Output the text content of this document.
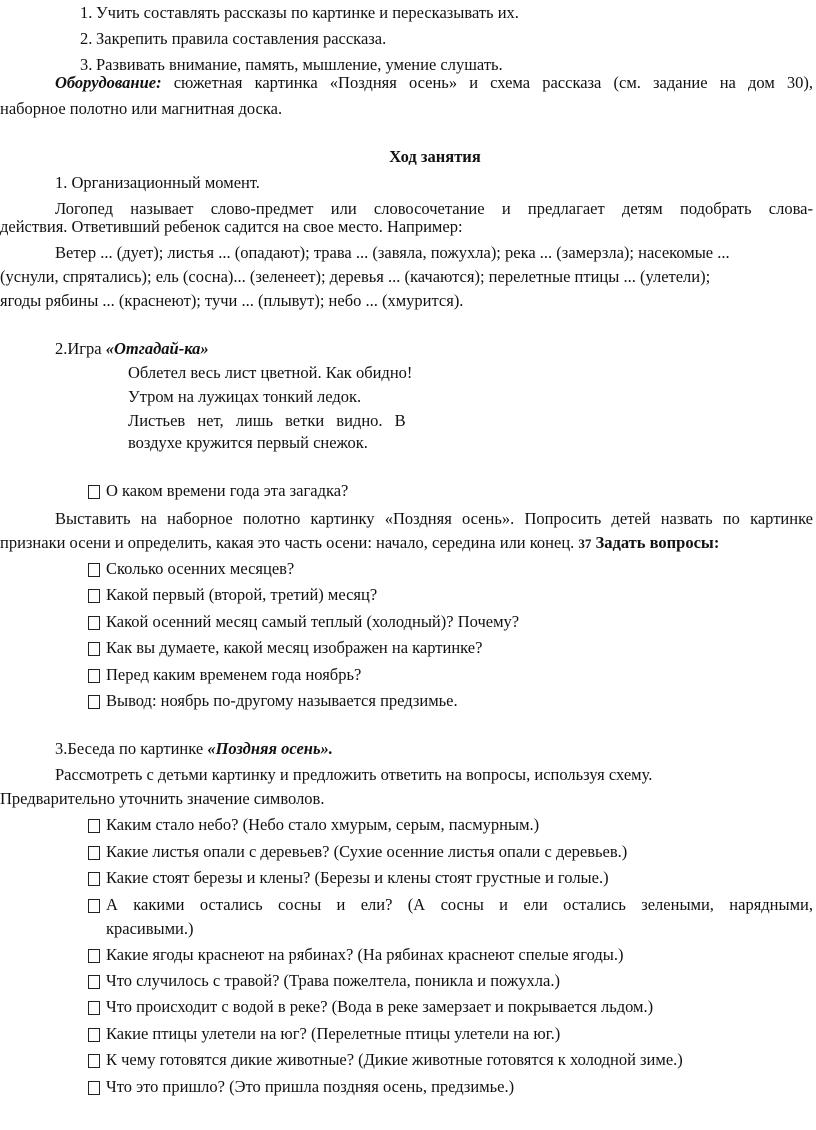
1. Учить составлять рассказы по картинке и пересказывать их.
2. Закрепить правила составления рассказа.
3. Развивать внимание, память, мышление, умение слушать.
Оборудование: сюжетная картинка «Поздняя осень» и схема рассказа (см. задание на дом 30),
наборное полотно или магнитная доска.
Ход занятия
1. Организационный момент.
Логопед называет слово-предмет или словосочетание и предлагает детям подобрать слова-
действия. Ответивший ребенок садится на свое место. Например:
Ветер ... (дует); листья ... (опадают); трава ... (завяла, пожухла); река ... (замерзла); насекомые ...
(уснули, спрятались); ель (сосна)... (зеленеет); деревья ... (качаются); перелетные птицы ... (улетели);
ягоды рябины ... (краснеют); тучи ... (плывут); небо ... (хмурится).
2.Игра «Отгадай-ка»
Облетел весь лист цветной. Как обидно!
Утром на лужицах тонкий ледок.
Листьев нет, лишь ветки видно. В
воздухе кружится первый снежок.
О каком времени года эта загадка?
Выставить на наборное полотно картинку «Поздняя осень». Попросить детей назвать по картинке
признаки осени и определить, какая это часть осени: начало, середина или конец. 37 Задать вопросы:
Сколько осенних месяцев?
Какой первый (второй, третий) месяц?
Какой осенний месяц самый теплый (холодный)? Почему?
Как вы думаете, какой месяц изображен на картинке?
Перед каким временем года ноябрь?
Вывод: ноябрь по-другому называется предзимье.
3.Беседа по картинке «Поздняя осень».
Рассмотреть с детьми картинку и предложить ответить на вопросы, используя схему.
Предварительно уточнить значение символов.
Каким стало небо? (Небо стало хмурым, серым, пасмурным.)
Какие листья опали с деревьев? (Сухие осенние листья опали с деревьев.)
Какие стоят березы и клены? (Березы и клены стоят грустные и голые.)
А какими остались сосны и ели? (А сосны и ели остались зелеными, нарядными,
красивыми.)
Какие ягоды краснеют на рябинах? (На рябинах краснеют спелые ягоды.)
Что случилось с травой? (Трава пожелтела, поникла и пожухла.)
Что происходит с водой в реке? (Вода в реке замерзает и покрывается льдом.)
Какие птицы улетели на юг? (Перелетные птицы улетели на юг.)
К чему готовятся дикие животные? (Дикие животные готовятся к холодной зиме.)
Что это пришло? (Это пришла поздняя осень, предзимье.)
